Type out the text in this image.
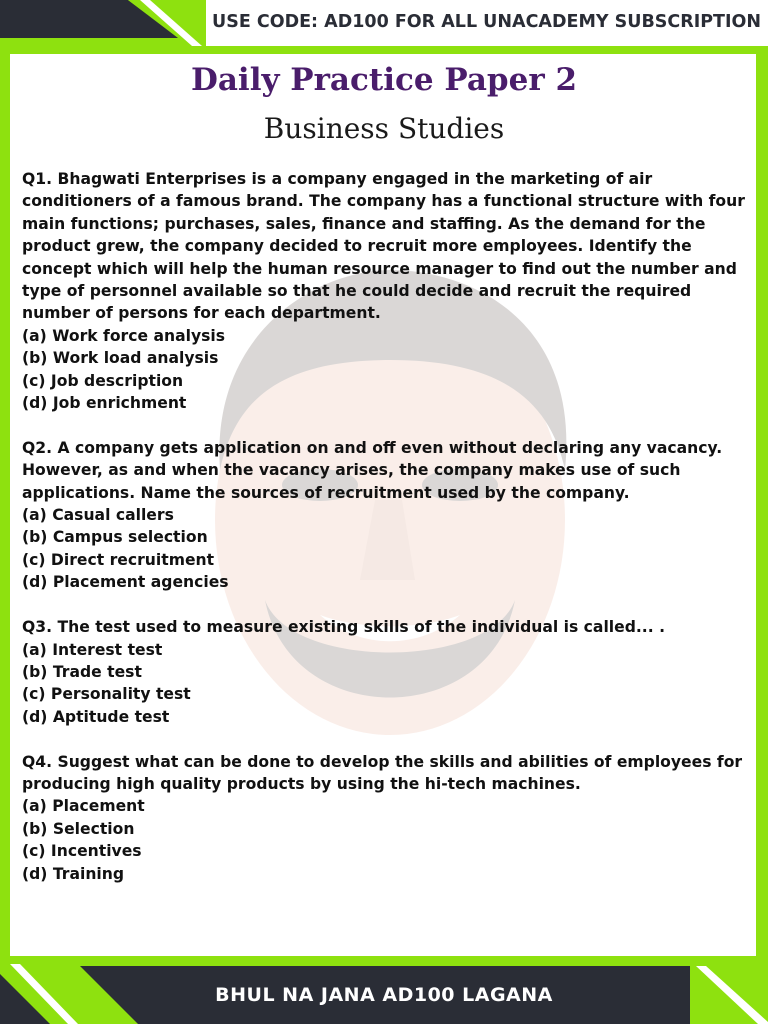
USE CODE: AD100 FOR ALL UNACADEMY SUBSCRIPTION
Daily Practice Paper 2
Business Studies

Q1. Bhagwati Enterprises is a company engaged in the marketing of air conditioners of a famous brand. The company has a functional structure with four main functions; purchases, sales, finance and staffing. As the demand for the product grew, the company decided to recruit more employees. Identify the concept which will help the human resource manager to find out the number and type of personnel available so that he could decide and recruit the required number of persons for each department.

(a) Work force analysis
(b) Work load analysis
(c) Job description
(d) Job enrichment

Q2. A company gets application on and off even without declaring any vacancy. However, as and when the vacancy arises, the company makes use of such applications. Name the sources of recruitment used by the company.

(a) Casual callers
(b) Campus selection
(c) Direct recruitment
(d) Placement agencies

Q3. The test used to measure existing skills of the individual is called... .

(a) Interest test
(b) Trade test
(c) Personality test
(d) Aptitude test

Q4. Suggest what can be done to develop the skills and abilities of employees for producing high quality products by using the hi-tech machines.

(a) Placement
(b) Selection
(c) Incentives
(d) Training
BHUL NA JANA AD100 LAGANA
